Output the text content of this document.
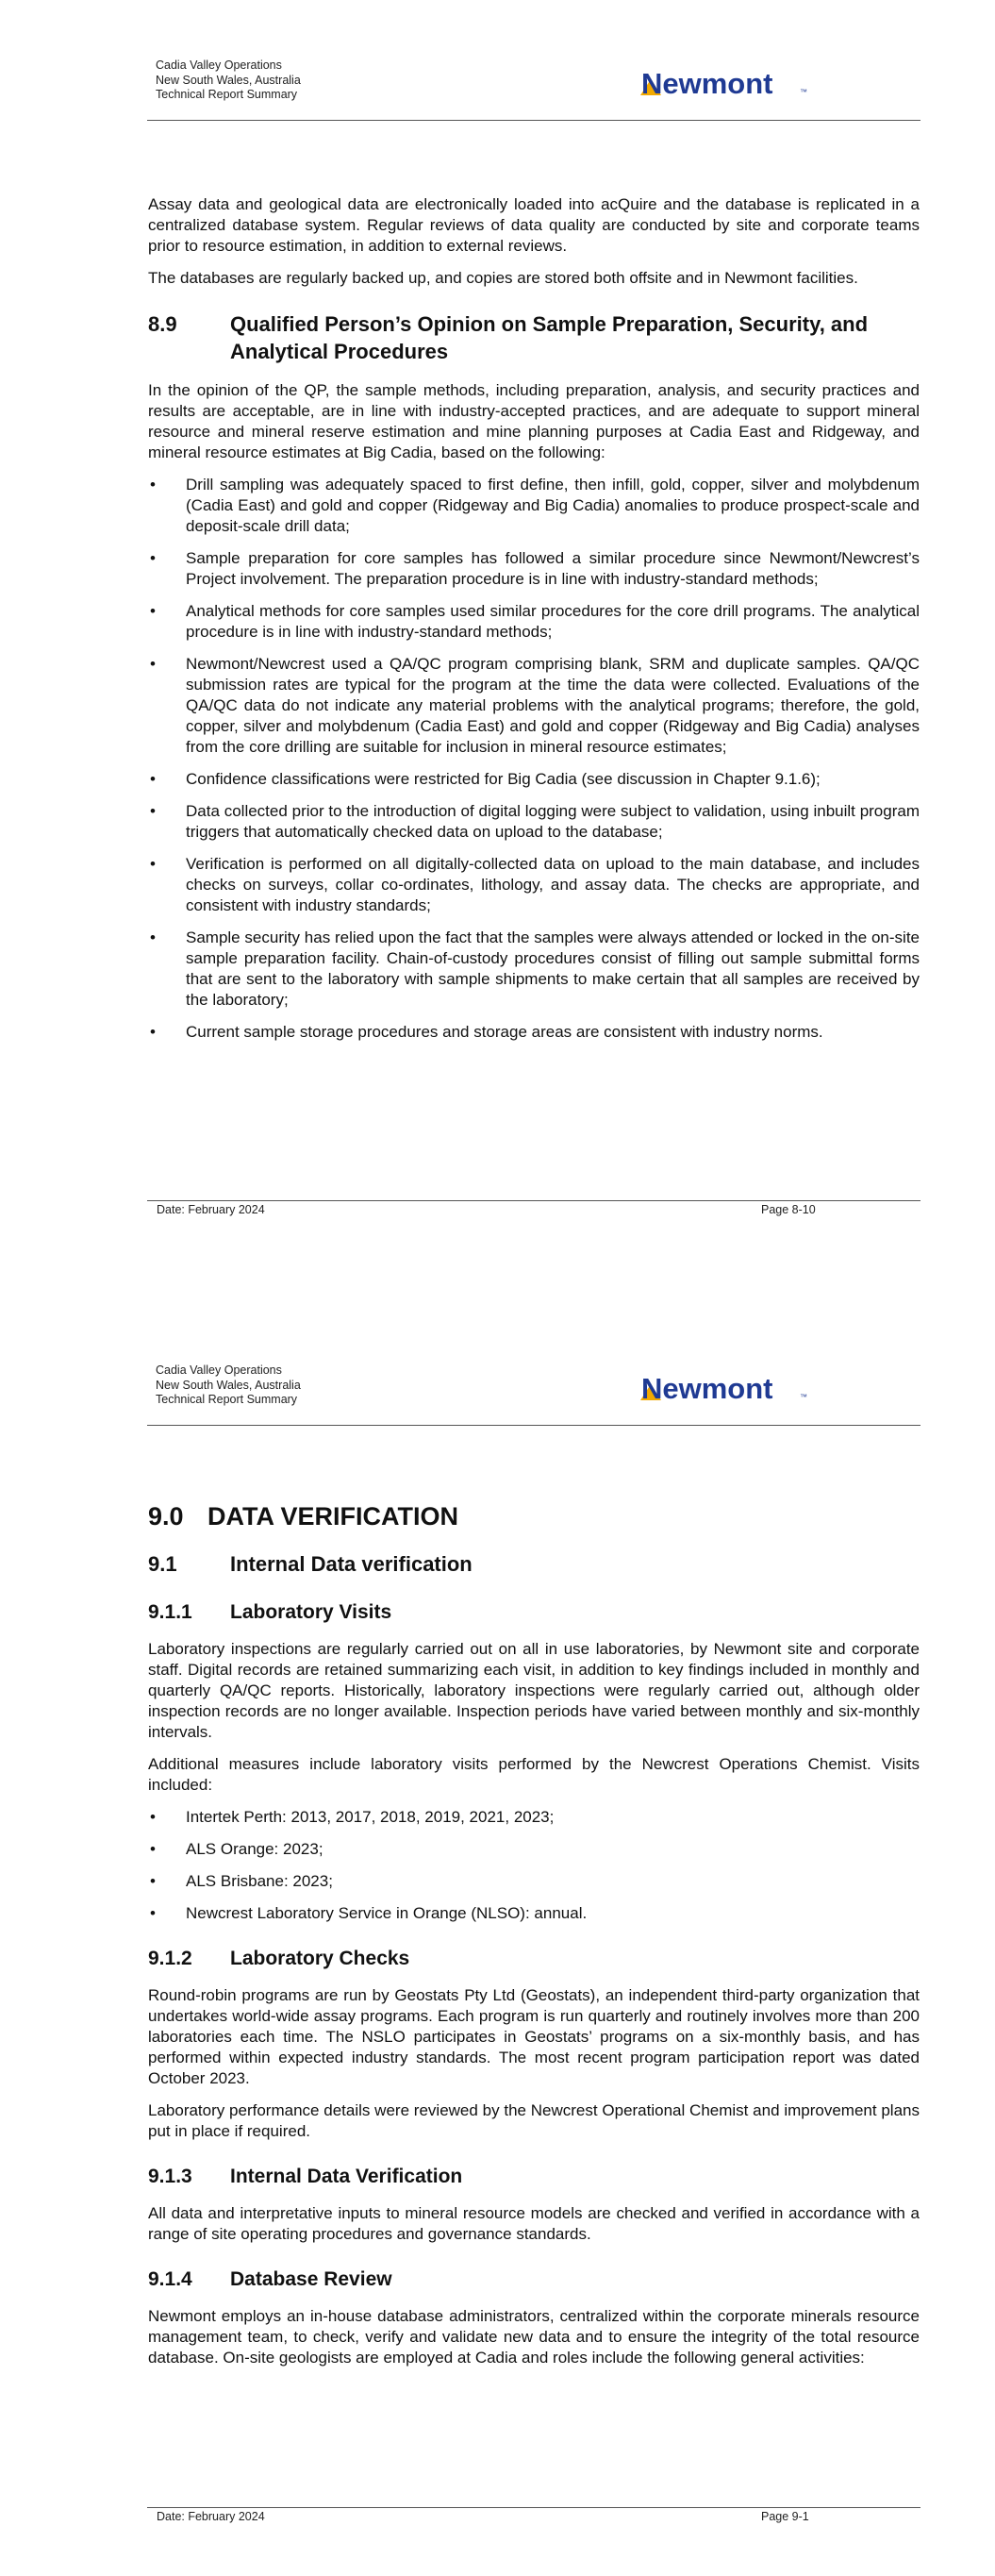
Cadia Valley Operations
New South Wales, Australia
Technical Report Summary	Newmont	™

Assay data and geological data are electronically loaded into acQuire and the database is replicated in a centralized database system. Regular reviews of data quality are conducted by site and corporate teams prior to resource estimation, in addition to external reviews.

The databases are regularly backed up, and copies are stored both offsite and in Newmont facilities.

8.9	Qualified Person’s Opinion on Sample Preparation, Security, and Analytical Procedures

In the opinion of the QP, the sample methods, including preparation, analysis, and security practices and results are acceptable, are in line with industry-accepted practices, and are adequate to support mineral resource and mineral reserve estimation and mine planning purposes at Cadia East and Ridgeway, and mineral resource estimates at Big Cadia, based on the following:

• Drill sampling was adequately spaced to first define, then infill, gold, copper, silver and molybdenum (Cadia East) and gold and copper (Ridgeway and Big Cadia) anomalies to produce prospect-scale and deposit-scale drill data;
• Sample preparation for core samples has followed a similar procedure since Newmont/Newcrest’s Project involvement. The preparation procedure is in line with industry-standard methods;
• Analytical methods for core samples used similar procedures for the core drill programs. The analytical procedure is in line with industry-standard methods;
• Newmont/Newcrest used a QA/QC program comprising blank, SRM and duplicate samples. QA/QC submission rates are typical for the program at the time the data were collected. Evaluations of the QA/QC data do not indicate any material problems with the analytical programs; therefore, the gold, copper, silver and molybdenum (Cadia East) and gold and copper (Ridgeway and Big Cadia) analyses from the core drilling are suitable for inclusion in mineral resource estimates;
• Confidence classifications were restricted for Big Cadia (see discussion in Chapter 9.1.6);
• Data collected prior to the introduction of digital logging were subject to validation, using inbuilt program triggers that automatically checked data on upload to the database;
• Verification is performed on all digitally-collected data on upload to the main database, and includes checks on surveys, collar co-ordinates, lithology, and assay data. The checks are appropriate, and consistent with industry standards;
• Sample security has relied upon the fact that the samples were always attended or locked in the on-site sample preparation facility. Chain-of-custody procedures consist of filling out sample submittal forms that are sent to the laboratory with sample shipments to make certain that all samples are received by the laboratory;
• Current sample storage procedures and storage areas are consistent with industry norms.
Date: February 2024	Page 8-10
Cadia Valley Operations
New South Wales, Australia
Technical Report Summary	Newmont	™
9.0 DATA VERIFICATION
9.1	Internal Data verification
9.1.1	Laboratory Visits

Laboratory inspections are regularly carried out on all in use laboratories, by Newmont site and corporate staff. Digital records are retained summarizing each visit, in addition to key findings included in monthly and quarterly QA/QC reports. Historically, laboratory inspections were regularly carried out, although older inspection records are no longer available. Inspection periods have varied between monthly and six-monthly intervals.

Additional measures include laboratory visits performed by the Newcrest Operations Chemist. Visits included:

• Intertek Perth: 2013, 2017, 2018, 2019, 2021, 2023;
• ALS Orange: 2023;
• ALS Brisbane: 2023;
• Newcrest Laboratory Service in Orange (NLSO): annual.
9.1.2	Laboratory Checks

Round-robin programs are run by Geostats Pty Ltd (Geostats), an independent third-party organization that undertakes world-wide assay programs. Each program is run quarterly and routinely involves more than 200 laboratories each time. The NSLO participates in Geostats’ programs on a six-monthly basis, and has performed within expected industry standards. The most recent program participation report was dated October 2023.

Laboratory performance details were reviewed by the Newcrest Operational Chemist and improvement plans put in place if required.

9.1.3	Internal Data Verification

All data and interpretative inputs to mineral resource models are checked and verified in accordance with a range of site operating procedures and governance standards.

9.1.4	Database Review

Newmont employs an in-house database administrators, centralized within the corporate minerals resource management team, to check, verify and validate new data and to ensure the integrity of the total resource database. On-site geologists are employed at Cadia and roles include the following general activities:

Date: February 2024	Page 9-1
